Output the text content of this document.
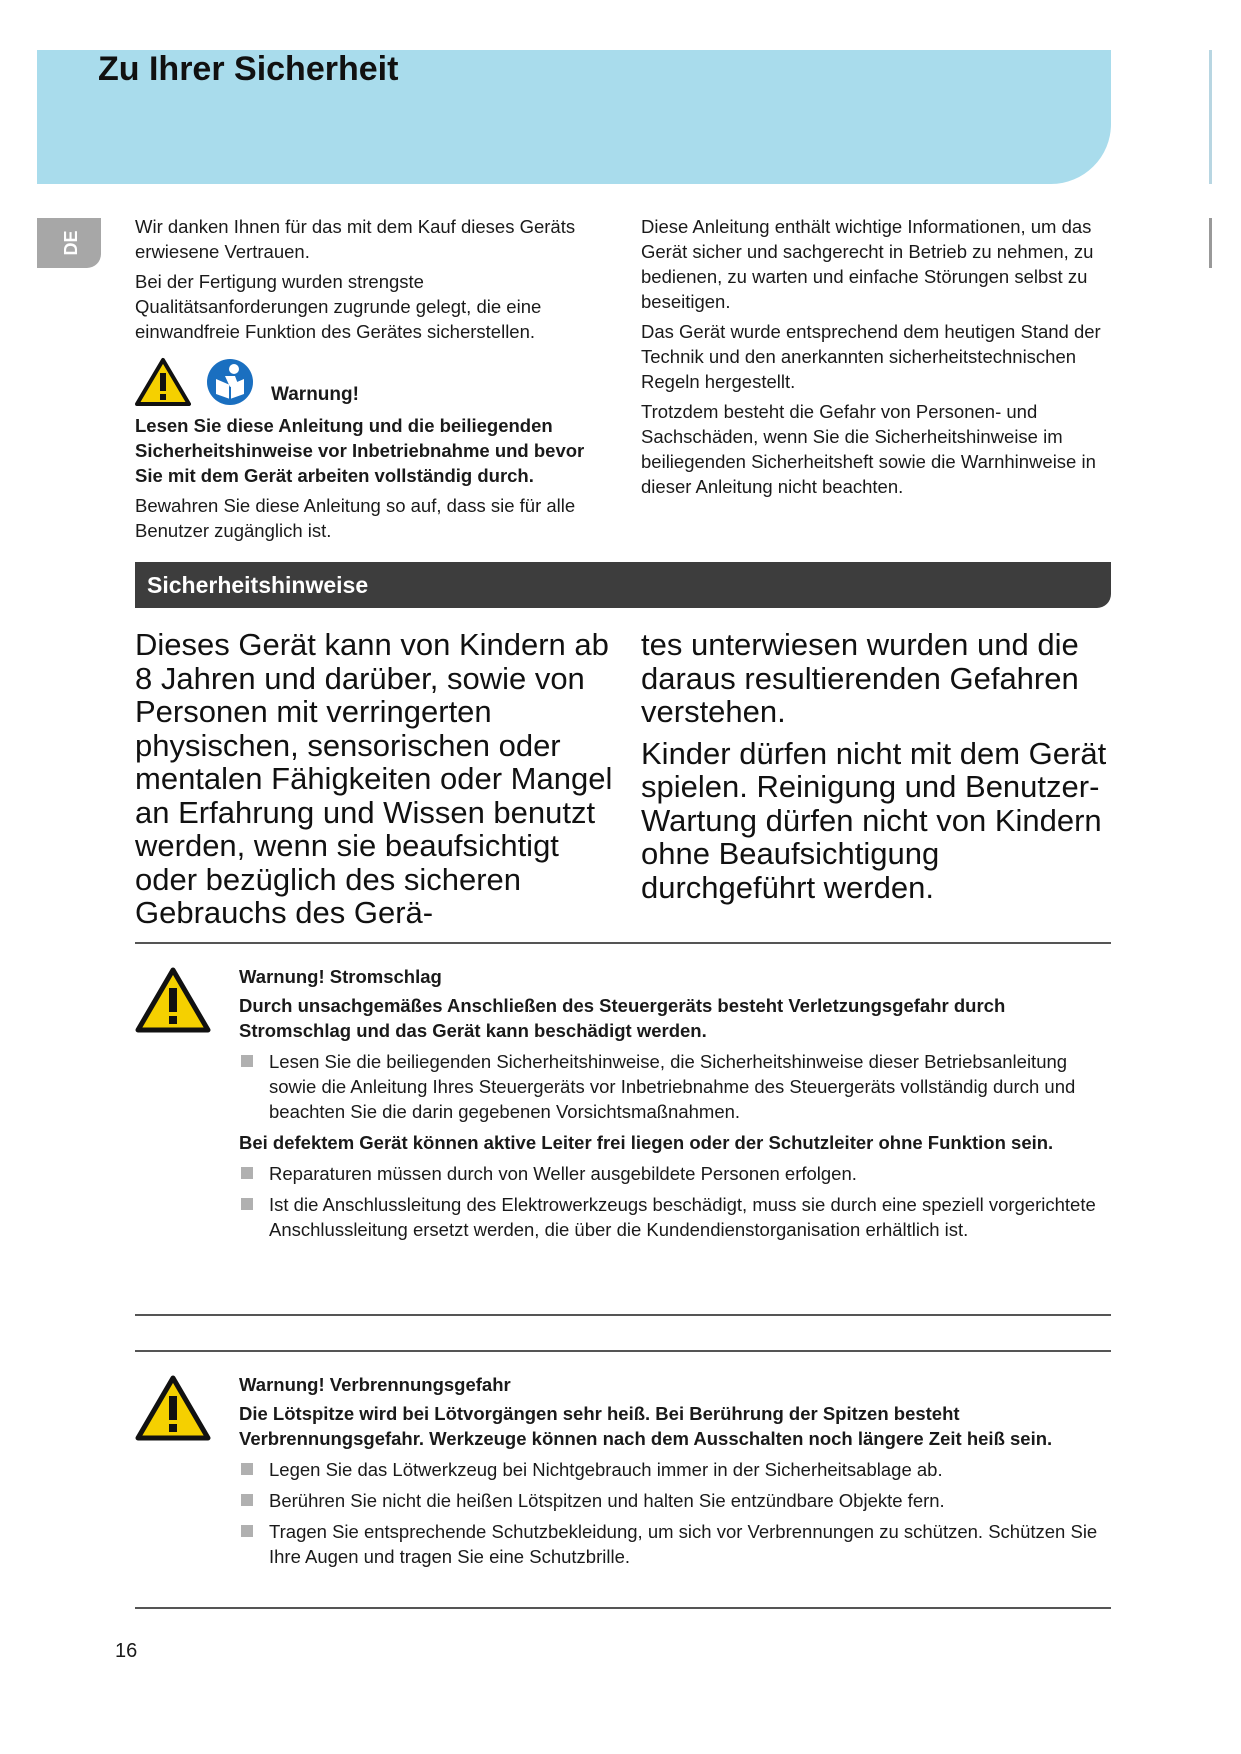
Zu Ihrer Sicherheit
DE

Wir danken Ihnen für das mit dem Kauf dieses Geräts erwiesene Vertrauen.

Bei der Fertigung wurden strengste Qualitätsanforderungen zugrunde gelegt, die eine einwandfreie Funktion des Gerätes sicherstellen.

Warnung!

Lesen Sie diese Anleitung und die beiliegenden Sicherheitshinweise vor Inbetriebnahme und bevor Sie mit dem Gerät arbeiten vollständig durch.

Bewahren Sie diese Anleitung so auf, dass sie für alle Benutzer zugänglich ist.

Diese Anleitung enthält wichtige Informationen, um das Gerät sicher und sachgerecht in Betrieb zu nehmen, zu bedienen, zu warten und einfache Störungen selbst zu beseitigen.

Das Gerät wurde entsprechend dem heutigen Stand der Technik und den anerkannten sicherheitstechnischen Regeln hergestellt.

Trotzdem besteht die Gefahr von Personen- und Sachschäden, wenn Sie die Sicherheitshinweise im beiliegenden Sicherheitsheft sowie die Warnhinweise in dieser Anleitung nicht beachten.

Sicherheitshinweise

Dieses Gerät kann von Kindern ab 8 Jahren und darüber, sowie von Personen mit verringerten physischen, sensorischen oder mentalen Fähigkeiten oder Mangel an Erfahrung und Wissen benutzt werden, wenn sie beaufsichtigt oder bezüglich des sicheren Gebrauchs des Gerä-

tes unterwiesen wurden und die daraus resultierenden Gefahren verstehen.

Kinder dürfen nicht mit dem Gerät spielen. Reinigung und Benutzer-Wartung dürfen nicht von Kindern ohne Beaufsichtigung durchgeführt werden.

Warnung! Stromschlag

Durch unsachgemäßes Anschließen des Steuergeräts besteht Verletzungsgefahr durch Stromschlag und das Gerät kann beschädigt werden.

Lesen Sie die beiliegenden Sicherheitshinweise, die Sicherheitshinweise dieser Betriebsanleitung sowie die Anleitung Ihres Steuergeräts vor Inbetriebnahme des Steuergeräts vollständig durch und beachten Sie die darin gegebenen Vorsichtsmaßnahmen.

Bei defektem Gerät können aktive Leiter frei liegen oder der Schutzleiter ohne Funktion sein.

Reparaturen müssen durch von Weller ausgebildete Personen erfolgen.
Ist die Anschlussleitung des Elektrowerkzeugs beschädigt, muss sie durch eine speziell vorgerichtete Anschlussleitung ersetzt werden, die über die Kundendienstorganisation erhältlich ist.

Warnung! Verbrennungsgefahr

Die Lötspitze wird bei Lötvorgängen sehr heiß. Bei Berührung der Spitzen besteht Verbrennungsgefahr. Werkzeuge können nach dem Ausschalten noch längere Zeit heiß sein.

Legen Sie das Lötwerkzeug bei Nichtgebrauch immer in der Sicherheitsablage ab.
Berühren Sie nicht die heißen Lötspitzen und halten Sie entzündbare Objekte fern.
Tragen Sie entsprechende Schutzbekleidung, um sich vor Verbrennungen zu schützen. Schützen Sie Ihre Augen und tragen Sie eine Schutzbrille.
16
